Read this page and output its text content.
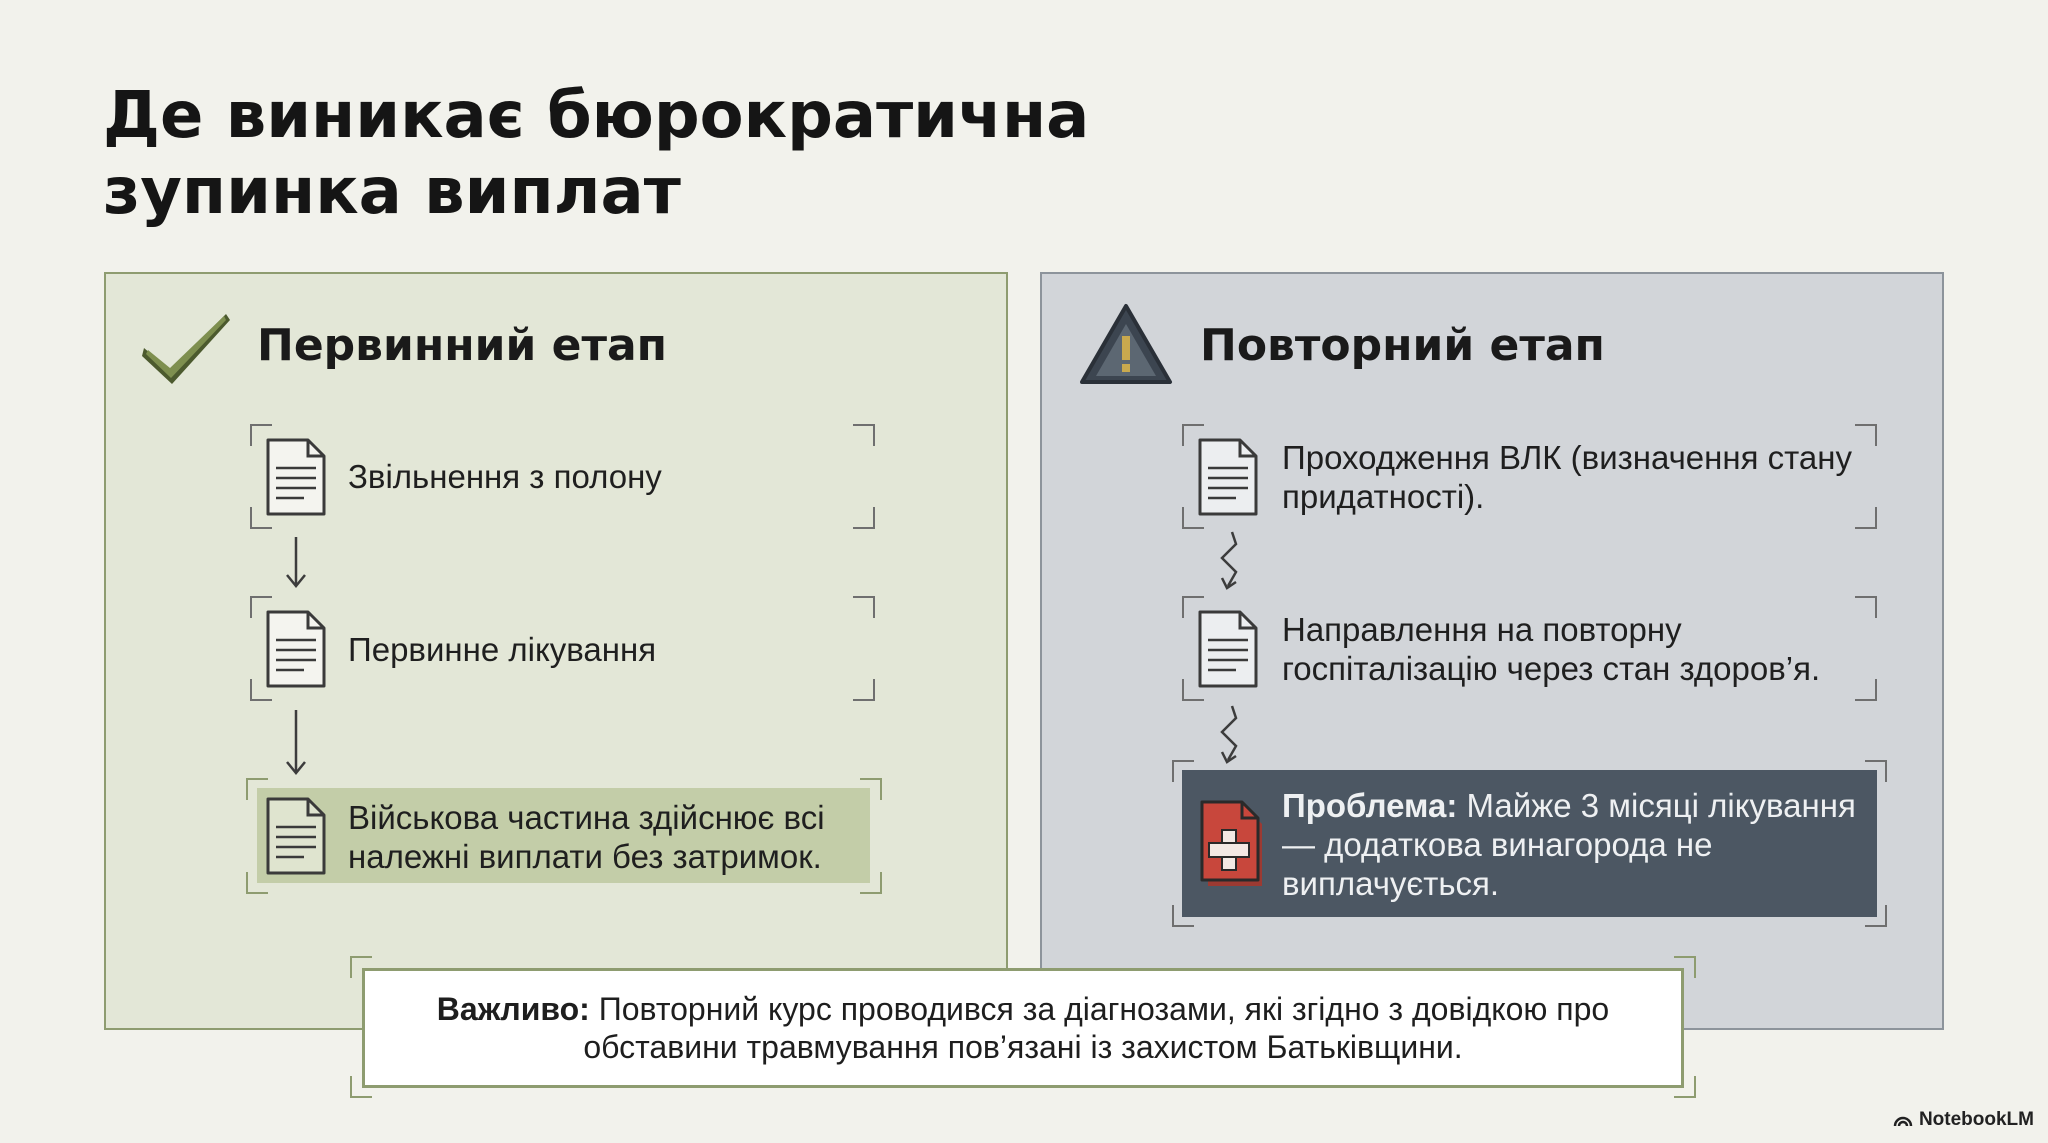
Де виникає бюрократична зупинка виплат
Первинний етап	Повторний етап
Звільнення з полону
Первинне лікування
Військова частина здійснює всі належні виплати без затримок.
Проходження ВЛК (визначення стану придатності).
Направлення на повторну госпіталізацію через стан здоров’я.
Проблема: Майже 3 місяці лікування — додаткова винагорода не виплачується.
Важливо: Повторний курс проводився за діагнозами, які згідно з довідкою про обставини травмування пов’язані із захистом Батьківщини.
NotebookLM
